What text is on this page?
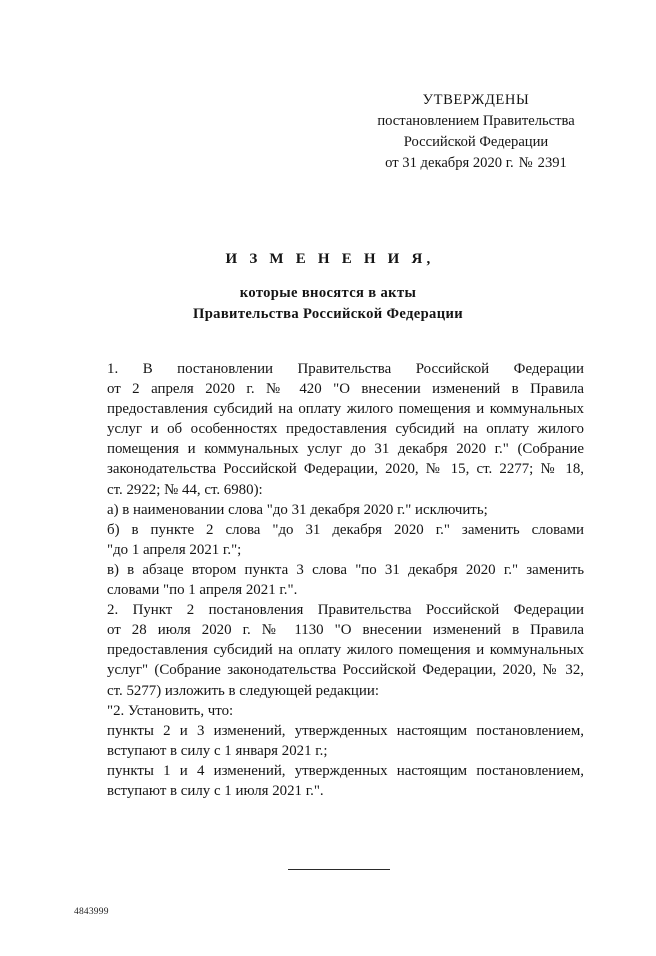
УТВЕРЖДЕНЫ
постановлением Правительства
Российской Федерации
от 31 декабря 2020 г. № 2391
И З М Е Н Е Н И Я,
которые вносятся в акты
Правительства Российской Федерации

1. В постановлении Правительства Российской Федерации
от 2 апреля 2020 г. № 420 "О внесении изменений в Правила
предоставления субсидий на оплату жилого помещения и коммунальных
услуг и об особенностях предоставления субсидий на оплату жилого
помещения и коммунальных услуг до 31 декабря 2020 г." (Собрание
законодательства Российской Федерации, 2020, № 15, ст. 2277; № 18,
ст. 2922; № 44, ст. 6980):

а) в наименовании слова "до 31 декабря 2020 г." исключить;

б) в пункте 2 слова "до 31 декабря 2020 г." заменить словами
"до 1 апреля 2021 г.";

в) в абзаце втором пункта 3 слова "по 31 декабря 2020 г." заменить
словами "по 1 апреля 2021 г.".

2. Пункт 2 постановления Правительства Российской Федерации
от 28 июля 2020 г. № 1130 "О внесении изменений в Правила
предоставления субсидий на оплату жилого помещения и коммунальных
услуг" (Собрание законодательства Российской Федерации, 2020, № 32,
ст. 5277) изложить в следующей редакции:

"2. Установить, что:
пункты 2 и 3 изменений, утвержденных настоящим постановлением,
вступают в силу с 1 января 2021 г.;
пункты 1 и 4 изменений, утвержденных настоящим постановлением,
вступают в силу с 1 июля 2021 г.".

4843999
